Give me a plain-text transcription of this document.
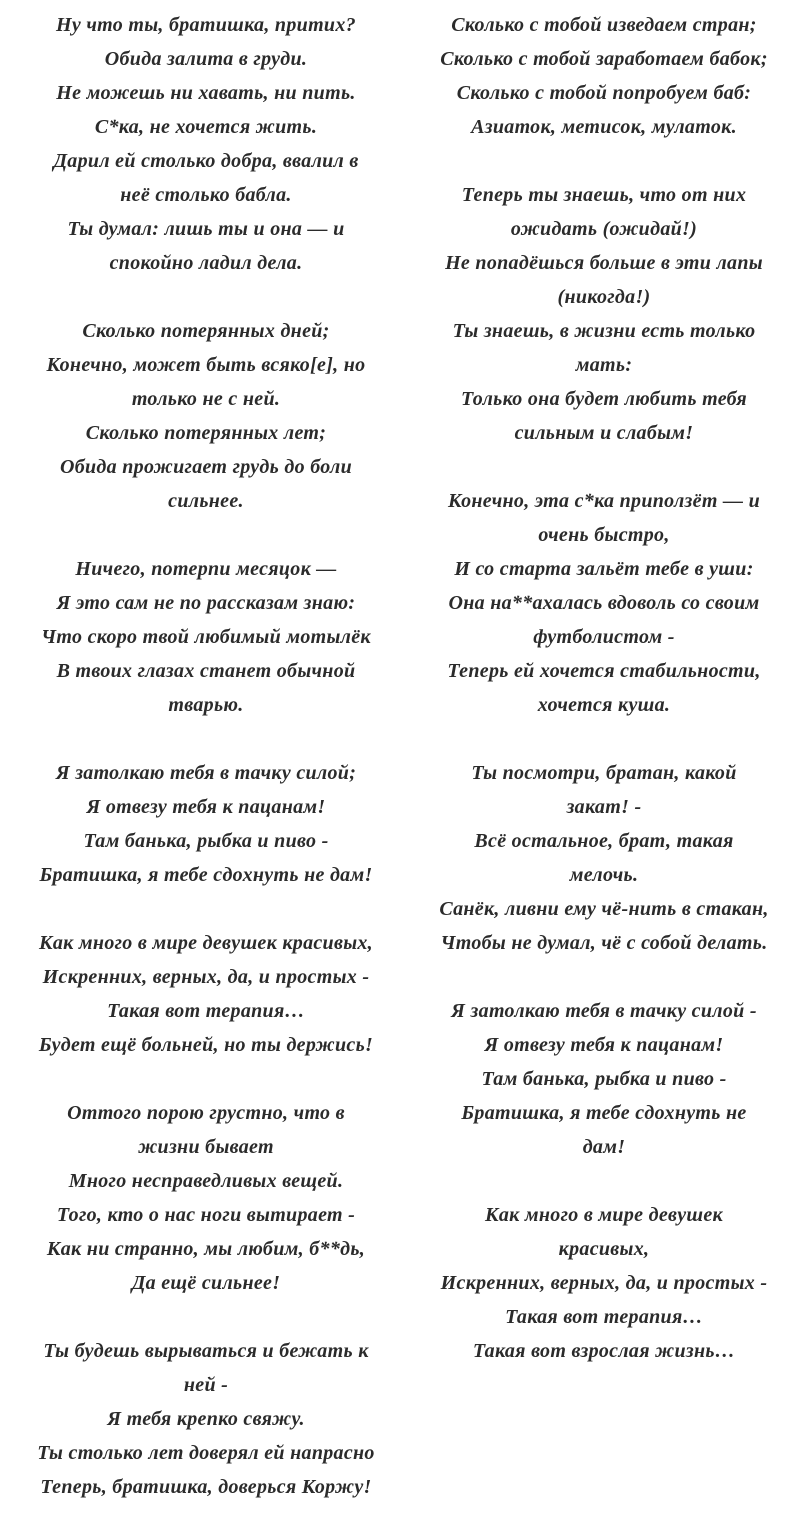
Ну что ты, братишка, притих?
Обида залита в груди.
Не можешь ни хавать, ни пить.
С*ка, не хочется жить.
Дарил ей столько добра, ввалил в
неё столько бабла.
Ты думал: лишь ты и она — и
спокойно ладил дела.
Сколько потерянных дней;
Конечно, может быть всяко[е], но
только не с ней.
Сколько потерянных лет;
Обида прожигает грудь до боли
сильнее.
Ничего, потерпи месяцок —
Я это сам не по рассказам знаю:
Что скоро твой любимый мотылёк
В твоих глазах станет обычной
тварью.
Я затолкаю тебя в тачку силой;
Я отвезу тебя к пацанам!
Там банька, рыбка и пиво -
Братишка, я тебе сдохнуть не дам!
Как много в мире девушек красивых,
Искренних, верных, да, и простых -
Такая вот терапия…
Будет ещё больней, но ты держись!
Оттого порою грустно, что в
жизни бывает
Много несправедливых вещей.
Того, кто о нас ноги вытирает -
Как ни странно, мы любим, б**дь,
Да ещё сильнее!
Ты будешь вырываться и бежать к
ней -
Я тебя крепко свяжу.
Ты столько лет доверял ей напрасно
Теперь, братишка, доверься Коржу!
Сколько с тобой изведаем стран;
Сколько с тобой заработаем бабок;
Сколько с тобой попробуем баб:
Азиаток, метисок, мулаток.
Теперь ты знаешь, что от них
ожидать (ожидай!)
Не попадёшься больше в эти лапы
(никогда!)
Ты знаешь, в жизни есть только
мать:
Только она будет любить тебя
сильным и слабым!
Конечно, эта с*ка приползёт — и
очень быстро,
И со старта зальёт тебе в уши:
Она на**ахалась вдоволь со своим
футболистом -
Теперь ей хочется стабильности,
хочется куша.
Ты посмотри, братан, какой
закат! -
Всё остальное, брат, такая
мелочь.
Санёк, ливни ему чё-нить в стакан,
Чтобы не думал, чё с собой делать.
Я затолкаю тебя в тачку силой -
Я отвезу тебя к пацанам!
Там банька, рыбка и пиво -
Братишка, я тебе сдохнуть не
дам!
Как много в мире девушек
красивых,
Искренних, верных, да, и простых -
Такая вот терапия…
Такая вот взрослая жизнь…
